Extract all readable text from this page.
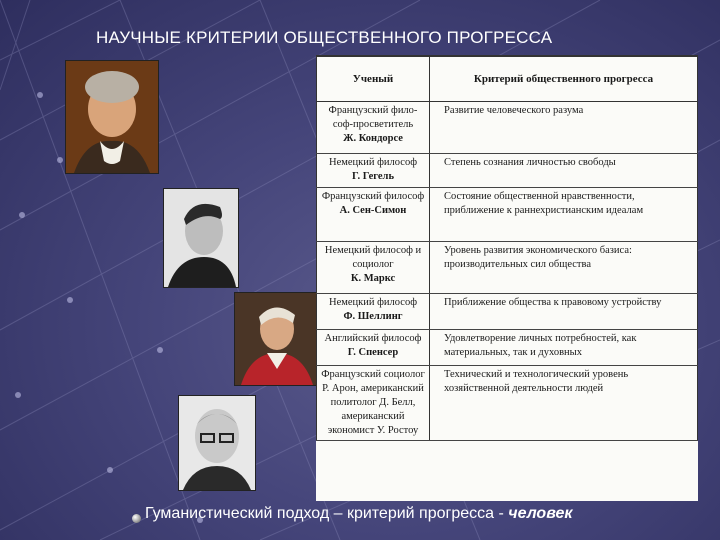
НАУЧНЫЕ КРИТЕРИИ ОБЩЕСТВЕННОГО ПРОГРЕССА
Ученый	Критерий общественного прогресса
Французский фило-соф-просветитель
Ж. Кондорсе	Развитие человеческого разума
Немецкий философ
Г. Гегель	Степень сознания личностью свободы
Французский философ
А. Сен-Симон	Состояние общественной нравственности, приближение к раннехристианским идеалам
Немецкий философ и социолог
К. Маркс	Уровень развития экономического базиса: производительных сил общества
Немецкий философ
Ф. Шеллинг	Приближение общества к правовому устройству
Английский философ
Г. Спенсер	Удовлетворение личных потребностей, как материальных, так и духовных
Французский социолог Р. Арон, американский политолог Д. Белл, американский экономист У. Ростоу	Технический и технологический уровень хозяйственной деятельности людей
Гуманистический подход – критерий прогресса - человек
